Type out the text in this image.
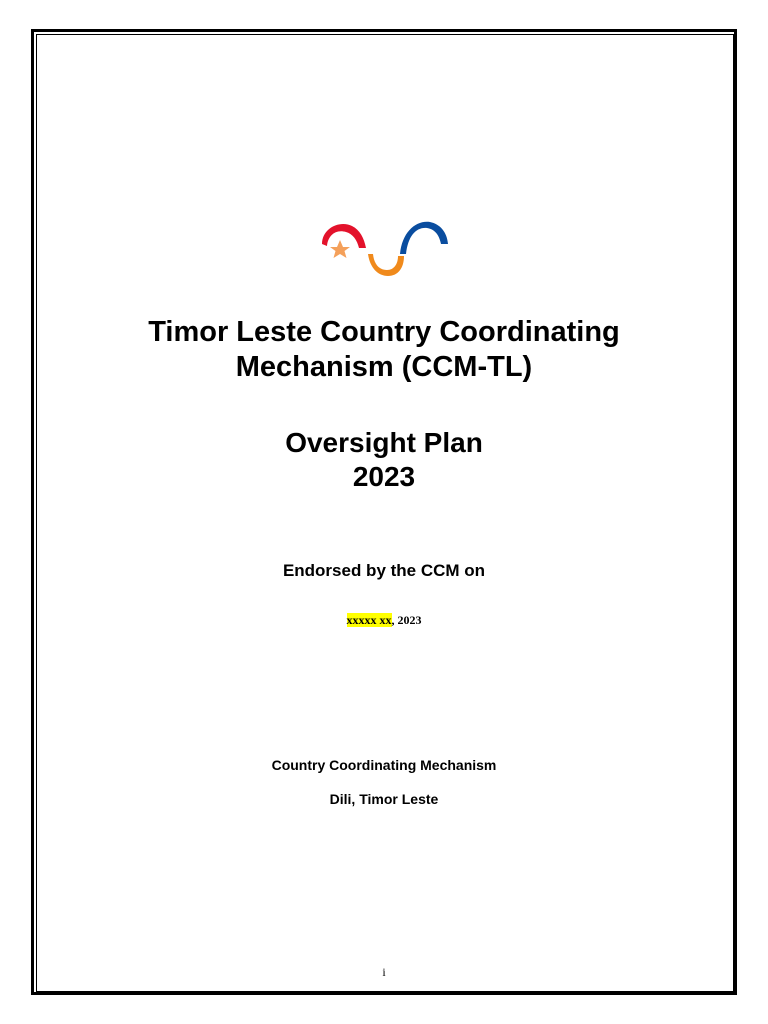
Timor Leste Country Coordinating
Mechanism (CCM-TL)
Oversight Plan
2023
Endorsed by the CCM on
xxxxx xx, 2023
Country Coordinating Mechanism
Dili, Timor Leste
i
